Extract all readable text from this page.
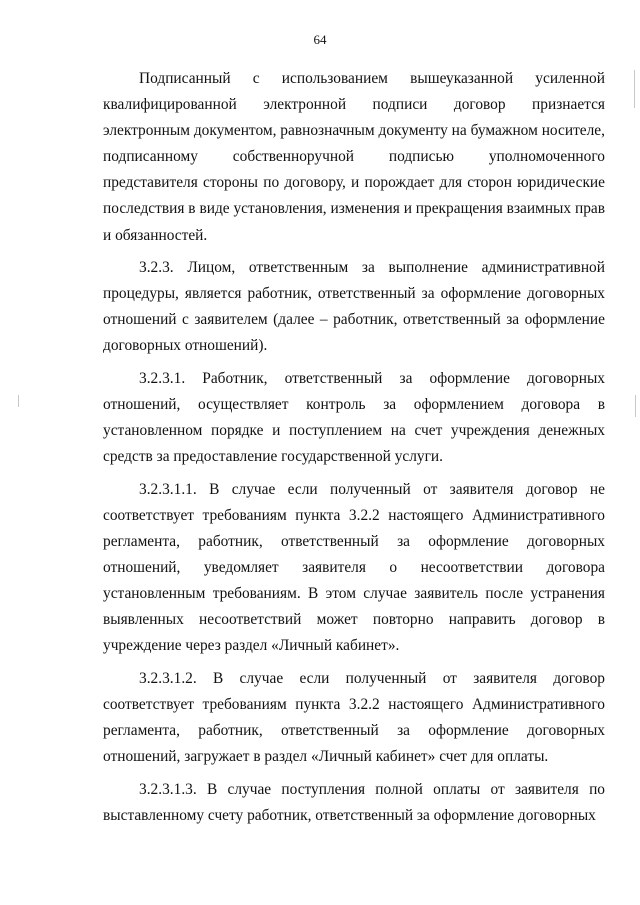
64

Подписанный с использованием вышеуказанной усиленной квалифицированной электронной подписи договор признается электронным документом, равнозначным документу на бумажном носителе, подписанному собственноручной подписью уполномоченного представителя стороны по договору, и порождает для сторон юридические последствия в виде установления, изменения и прекращения взаимных прав и обязанностей.

3.2.3. Лицом, ответственным за выполнение административной процедуры, является работник, ответственный за оформление договорных отношений с заявителем (далее – работник, ответственный за оформление договорных отношений).

3.2.3.1. Работник, ответственный за оформление договорных отношений, осуществляет контроль за оформлением договора в установленном порядке и поступлением на счет учреждения денежных средств за предоставление государственной услуги.

3.2.3.1.1. В случае если полученный от заявителя договор не соответствует требованиям пункта 3.2.2 настоящего Административного регламента, работник, ответственный за оформление договорных отношений, уведомляет заявителя о несоответствии договора установленным требованиям. В этом случае заявитель после устранения выявленных несоответствий может повторно направить договор в учреждение через раздел «Личный кабинет».

3.2.3.1.2. В случае если полученный от заявителя договор соответствует требованиям пункта 3.2.2 настоящего Административного регламента, работник, ответственный за оформление договорных отношений, загружает в раздел «Личный кабинет» счет для оплаты.

3.2.3.1.3. В случае поступления полной оплаты от заявителя по выставленному счету работник, ответственный за оформление договорных
